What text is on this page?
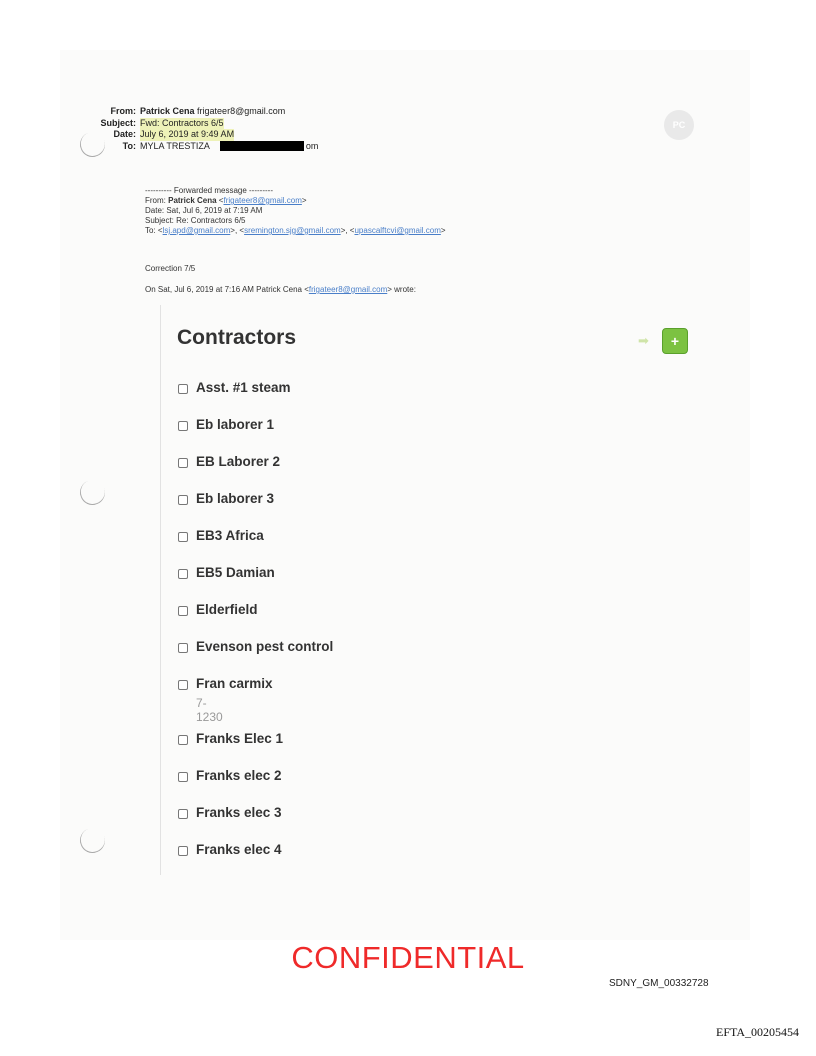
From: Patrick Cena frigateer8@gmail.com
Subject: Fwd: Contractors 6/5
Date: July 6, 2019 at 9:49 AM
To: MYLA TRESTIZA	om
PC
---------- Forwarded message ---------
From: Patrick Cena <frigateer8@gmail.com>
Date: Sat, Jul 6, 2019 at 7:19 AM
Subject: Re: Contractors 6/5
To: <lsj.apd@gmail.com>, <sremington.sjg@gmail.com>, <upascalftcvi@gmail.com>
Correction 7/5
On Sat, Jul 6, 2019 at 7:16 AM Patrick Cena <frigateer8@gmail.com> wrote:
Contractors	➡	+
Asst. #1 steam
Eb laborer 1
EB Laborer 2
Eb laborer 3
EB3 Africa
EB5 Damian
Elderfield
Evenson pest control
Fran carmix
7-1230
Franks Elec 1
Franks elec 2
Franks elec 3
Franks elec 4
CONFIDENTIAL
SDNY_GM_00332728
EFTA_00205454
